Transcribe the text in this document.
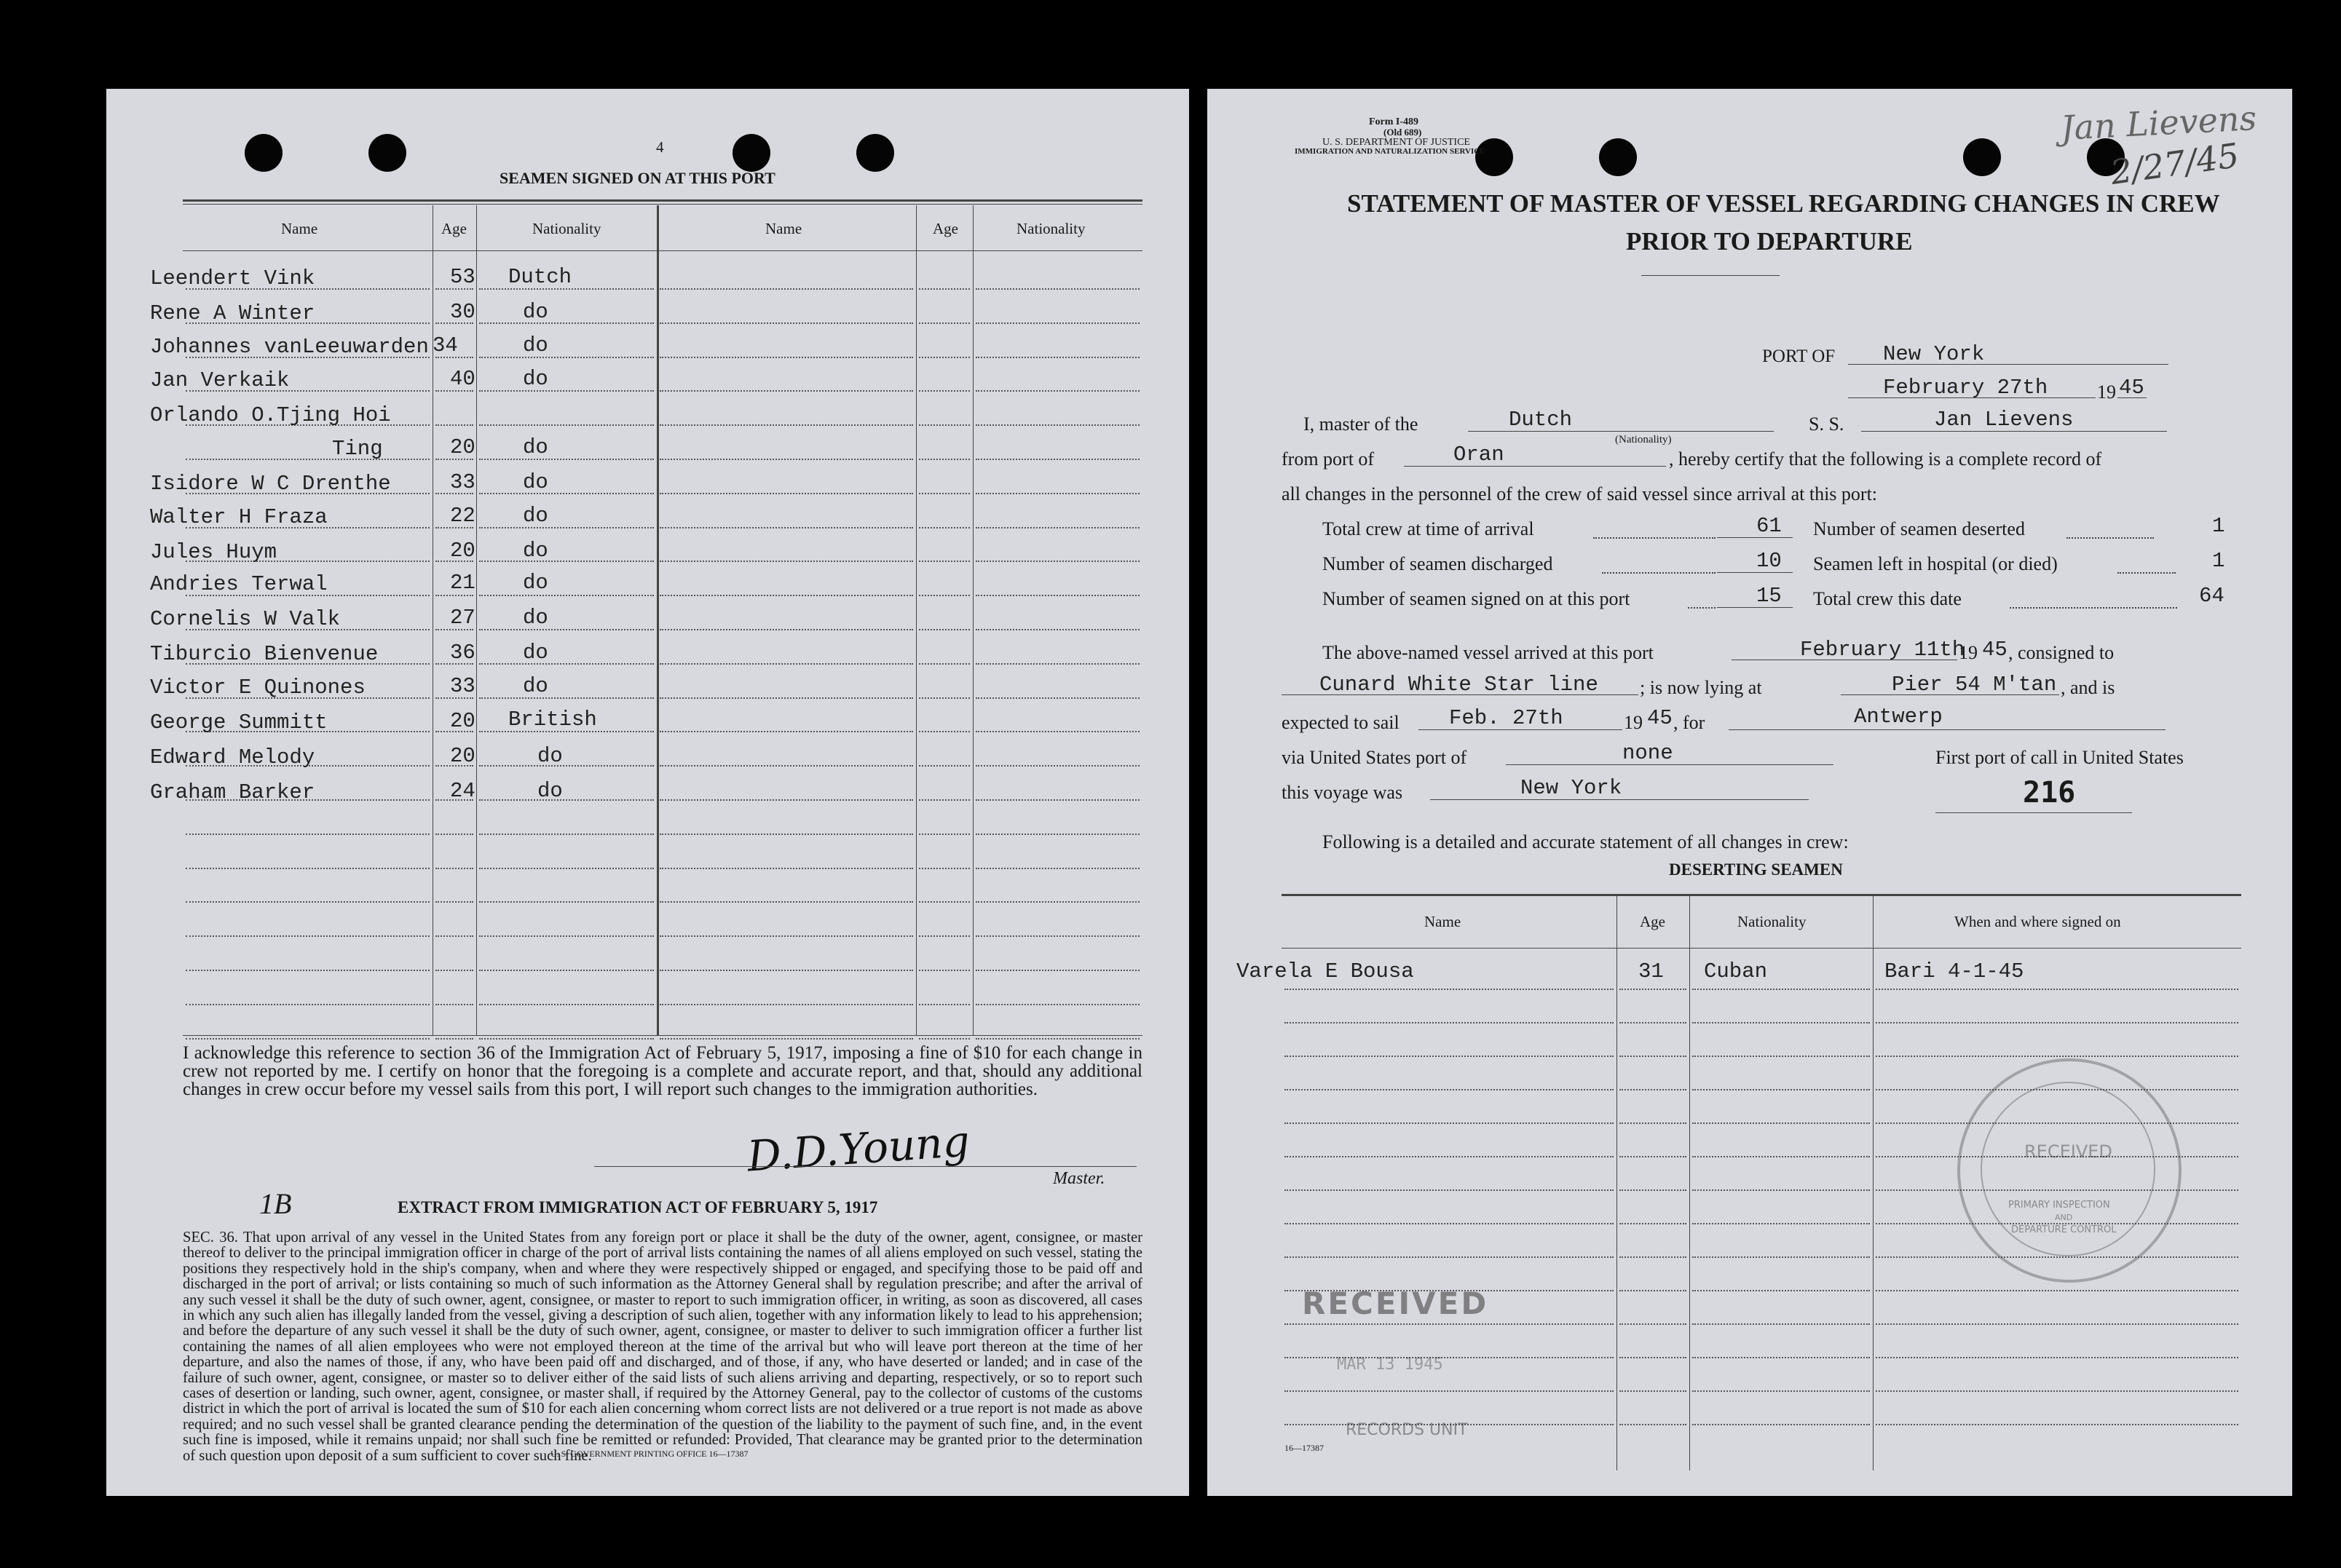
4
SEAMEN SIGNED ON AT THIS PORT
Name	Age	Nationality	Name	Age	Nationality
Leendert Vink	53 Dutch
Rene A Winter	30 do
Johannes vanLeeuwarden 34	do
Jan Verkaik	40 do
Orlando O.Tjing Hoi
Ting	20 do
Isidore W C Drenthe	33 do
Walter H Fraza	22 do
Jules Huym	20 do
Andries Terwal	21 do
Cornelis W Valk	27 do
Tiburcio Bienvenue	36 do
Victor E Quinones	33 do
George Summitt	20 British
Edward Melody	20	do
Graham Barker	24	do
I acknowledge this reference to section 36 of the Immigration Act of February 5, 1917, imposing a fine of $10 for each change in crew not reported by me. I certify on honor that the foregoing is a complete and accurate report, and that, should any additional changes in crew occur before my vessel sails from this port, I will report such changes to the immigration authorities.
D.D.Young	Master.
1B	EXTRACT FROM IMMIGRATION ACT OF FEBRUARY 5, 1917
SEC. 36. That upon arrival of any vessel in the United States from any foreign port or place it shall be the duty of the owner, agent, consignee, or master thereof to deliver to the principal immigration officer in charge of the port of arrival lists containing the names of all aliens employed on such vessel, stating the positions they respectively hold in the ship's company, when and where they were respectively shipped or engaged, and specifying those to be paid off and discharged in the port of arrival; or lists containing so much of such information as the Attorney General shall by regulation prescribe; and after the arrival of any such vessel it shall be the duty of such owner, agent, consignee, or master to report to such immigration officer, in writing, as soon as discovered, all cases in which any such alien has illegally landed from the vessel, giving a description of such alien, together with any information likely to lead to his apprehension; and before the departure of any such vessel it shall be the duty of such owner, agent, consignee, or master to deliver to such immigration officer a further list containing the names of all alien employees who were not employed thereon at the time of the arrival but who will leave port thereon at the time of her departure, and also the names of those, if any, who have been paid off and discharged, and of those, if any, who have deserted or landed; and in case of the failure of such owner, agent, consignee, or master so to deliver either of the said lists of such aliens arriving and departing, respectively, or so to report such cases of desertion or landing, such owner, agent, consignee, or master shall, if required by the Attorney General, pay to the collector of customs of the customs district in which the port of arrival is located the sum of $10 for each alien concerning whom correct lists are not delivered or a true report is not made as above required; and no such vessel shall be granted clearance pending the determination of the question of the liability to the payment of such fine, and, in the event such fine is imposed, while it remains unpaid; nor shall such fine be remitted or refunded: Provided, That clearance may be granted prior to the determination of such question upon deposit of a sum sufficient to cover such fine.
U. S. GOVERNMENT PRINTING OFFICE 16—17387
Form I-489
(Old 689)
U. S. DEPARTMENT OF JUSTICE
IMMIGRATION AND NATURALIZATION SERVICE
Jan Lievens
2/27/45
STATEMENT OF MASTER OF VESSEL REGARDING CHANGES IN CREW
PRIOR TO DEPARTURE
PORT OF New York
February 27th	19 45
I, master of the	Dutch
(Nationality)
S. S.	Jan Lievens
from port of	Oran	, hereby certify that the following is a complete record of
all changes in the personnel of the crew of said vessel since arrival at this port:
Total crew at time of arrival	61
Number of seamen discharged	10
Number of seamen signed on at this port	15
Number of seamen deserted	1
Seamen left in hospital (or died)	1
Total crew this date	64
The above-named vessel arrived at this port	February 11th
19 45 , consigned to
Cunard White Star line ; is now lying at	Pier 54 M'tan , and is
expected to sail Feb. 27th	19 45 , for	Antwerp
via United States port of	none	First port of call in United States
this voyage was	New York	216
Following is a detailed and accurate statement of all changes in crew:
DESERTING SEAMEN
Name	Age	Nationality	When and where signed on
Varela E Bousa	31 Cuban	Bari 4-1-45
RECEIVED
MAR 13 1945
RECORDS UNIT
RECEIVED
PRIMARY INSPECTION
AND
DEPARTURE CONTROL
16—17387
